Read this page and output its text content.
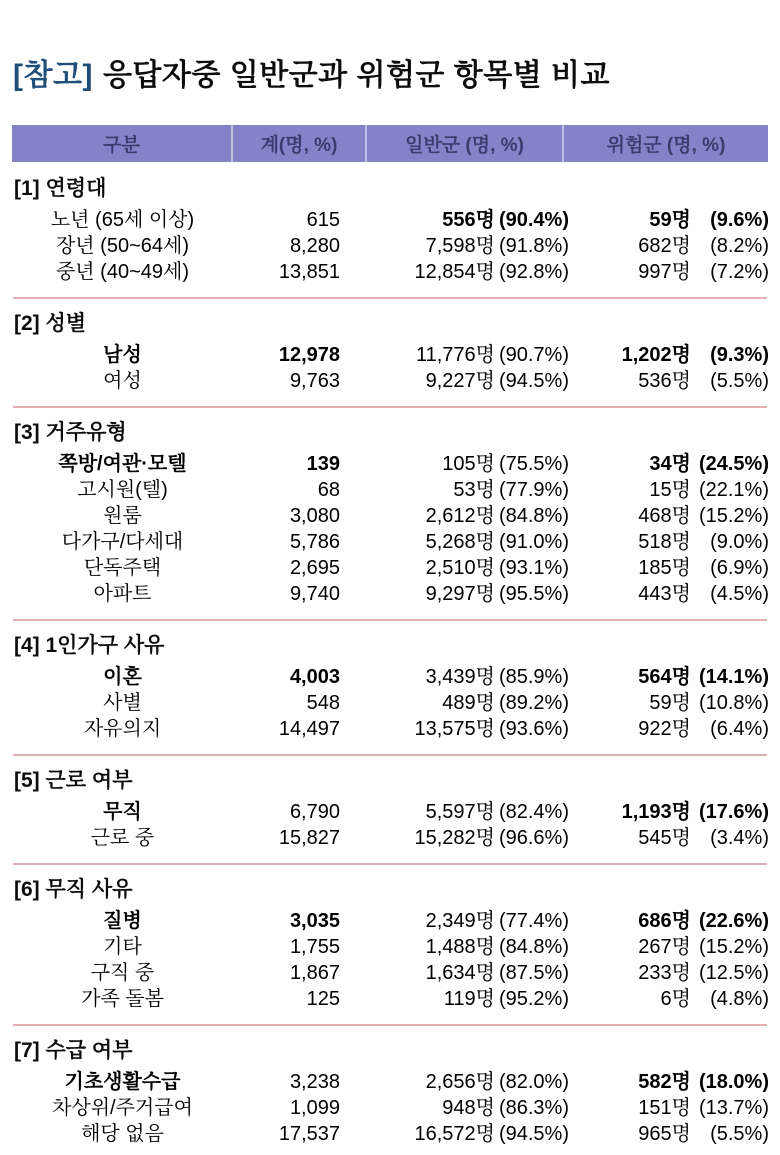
[참고] 응답자중 일반군과 위험군 항목별 비교
구분	계(명, %)	일반군 (명, %)	위험군 (명, %)
[1] 연령대
노년 (65세 이상)	615	556명 (90.4%)	59명 (9.6%)
장년 (50~64세)	8,280	7,598명 (91.8%)	682명 (8.2%)
중년 (40~49세)	13,851	12,854명 (92.8%)	997명 (7.2%)
[2] 성별
남성	12,978	11,776명 (90.7%)	1,202명 (9.3%)
여성	9,763	9,227명 (94.5%)	536명 (5.5%)
[3] 거주유형
쪽방/여관·모텔	139	105명 (75.5%)	34명 (24.5%)
고시원(텔)	68	53명 (77.9%)	15명 (22.1%)
원룸	3,080	2,612명 (84.8%)	468명 (15.2%)
다가구/다세대	5,786	5,268명 (91.0%)	518명 (9.0%)
단독주택	2,695	2,510명 (93.1%)	185명 (6.9%)
아파트	9,740	9,297명 (95.5%)	443명 (4.5%)
[4] 1인가구 사유
이혼	4,003	3,439명 (85.9%)	564명 (14.1%)
사별	548	489명 (89.2%)	59명 (10.8%)
자유의지	14,497	13,575명 (93.6%)	922명 (6.4%)
[5] 근로 여부
무직	6,790	5,597명 (82.4%)	1,193명 (17.6%)
근로 중	15,827	15,282명 (96.6%)	545명 (3.4%)
[6] 무직 사유
질병	3,035	2,349명 (77.4%)	686명 (22.6%)
기타	1,755	1,488명 (84.8%)	267명 (15.2%)
구직 중	1,867	1,634명 (87.5%)	233명 (12.5%)
가족 돌봄	125	119명 (95.2%)	6명 (4.8%)
[7] 수급 여부
기초생활수급	3,238	2,656명 (82.0%)	582명 (18.0%)
차상위/주거급여	1,099	948명 (86.3%)	151명 (13.7%)
해당 없음	17,537	16,572명 (94.5%)	965명 (5.5%)
